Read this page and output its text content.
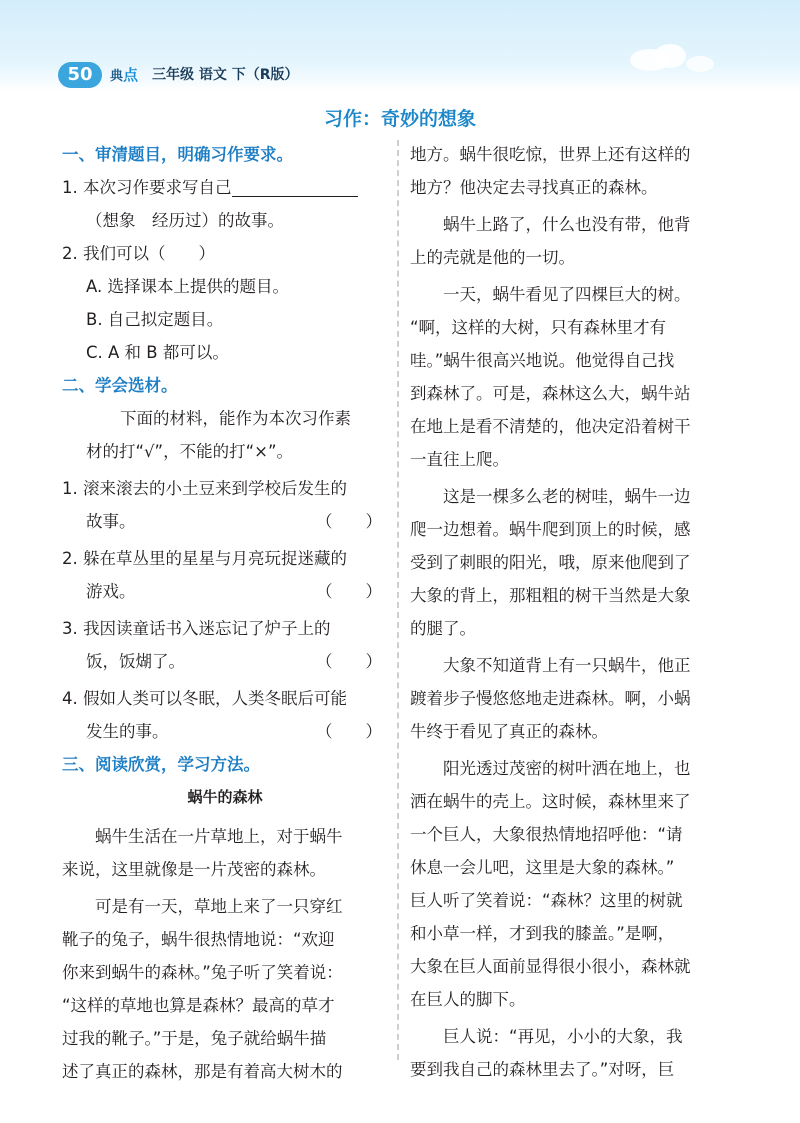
50	典点 三年级 语文 下（R版）
习作：奇妙的想象
一、审清题目，明确习作要求。
1. 本次习作要求写自己
（想象　经历过）的故事。
2. 我们可以（　　）
A. 选择课本上提供的题目。
B. 自己拟定题目。
C. A 和 B 都可以。
二、学会选材。
下面的材料，能作为本次习作素
材的打“√”，不能的打“×”。
1. 滚来滚去的小土豆来到学校后发生的
故事。	（　　）
2. 躲在草丛里的星星与月亮玩捉迷藏的
游戏。	（　　）
3. 我因读童话书入迷忘记了炉子上的
饭，饭煳了。	（　　）
4. 假如人类可以冬眠，人类冬眠后可能
发生的事。	（　　）
三、阅读欣赏，学习方法。
蜗牛的森林
蜗牛生活在一片草地上，对于蜗牛
来说，这里就像是一片茂密的森林。
可是有一天，草地上来了一只穿红
靴子的兔子，蜗牛很热情地说：“欢迎
你来到蜗牛的森林。”兔子听了笑着说：
“这样的草地也算是森林？最高的草才
过我的靴子。”于是，兔子就给蜗牛描
述了真正的森林，那是有着高大树木的
地方。蜗牛很吃惊，世界上还有这样的
地方？他决定去寻找真正的森林。
蜗牛上路了，什么也没有带，他背
上的壳就是他的一切。
一天，蜗牛看见了四棵巨大的树。
“啊，这样的大树，只有森林里才有
哇。”蜗牛很高兴地说。他觉得自己找
到森林了。可是，森林这么大，蜗牛站
在地上是看不清楚的，他决定沿着树干
一直往上爬。
这是一棵多么老的树哇，蜗牛一边
爬一边想着。蜗牛爬到顶上的时候，感
受到了刺眼的阳光，哦，原来他爬到了
大象的背上，那粗粗的树干当然是大象
的腿了。
大象不知道背上有一只蜗牛，他正
踱着步子慢悠悠地走进森林。啊，小蜗
牛终于看见了真正的森林。
阳光透过茂密的树叶洒在地上，也
洒在蜗牛的壳上。这时候，森林里来了
一个巨人，大象很热情地招呼他：“请
休息一会儿吧，这里是大象的森林。”
巨人听了笑着说：“森林？这里的树就
和小草一样，才到我的膝盖。”是啊，
大象在巨人面前显得很小很小，森林就
在巨人的脚下。
巨人说：“再见，小小的大象，我
要到我自己的森林里去了。”对呀，巨
